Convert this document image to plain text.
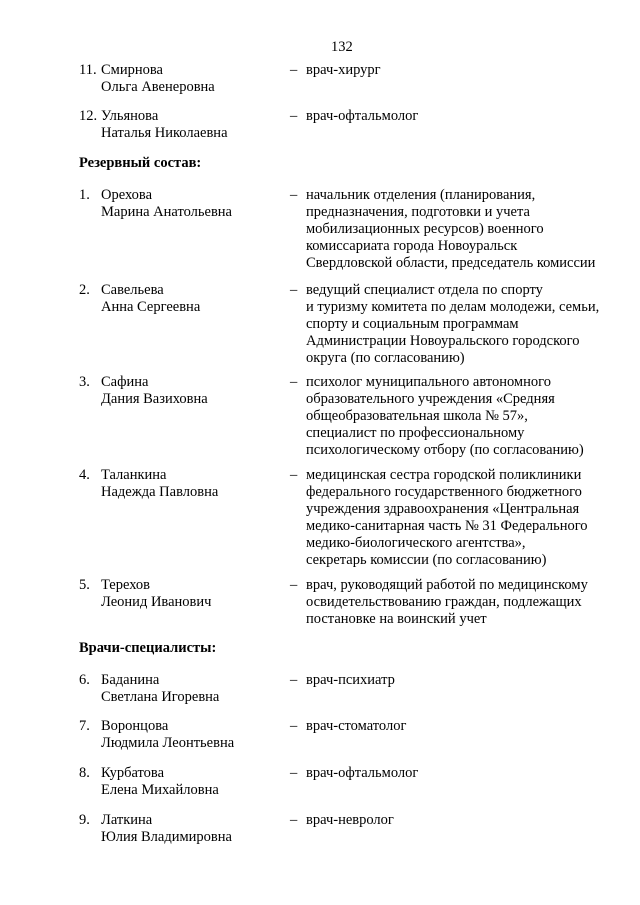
132
11. Смирнова
Ольга Авенеровна
– врач-хирург
12. Ульянова
Наталья Николаевна
– врач-офтальмолог
Резервный состав:
1. Орехова
Марина Анатольевна
– начальник отделения (планирования,
предназначения, подготовки и учета
мобилизационных ресурсов) военного
комиссариата города Новоуральск
Свердловской области, председатель комиссии
2. Савельева
Анна Сергеевна
– ведущий специалист отдела по спорту
и туризму комитета по делам молодежи, семьи,
спорту и социальным программам
Администрации Новоуральского городского
округа (по согласованию)
3. Сафина
Дания Вазиховна
– психолог муниципального автономного
образовательного учреждения «Средняя
общеобразовательная школа № 57»,
специалист по профессиональному
психологическому отбору (по согласованию)
4. Таланкина
Надежда Павловна
– медицинская сестра городской поликлиники
федерального государственного бюджетного
учреждения здравоохранения «Центральная
медико-санитарная часть № 31 Федерального
медико-биологического агентства»,
секретарь комиссии (по согласованию)
5. Терехов
Леонид Иванович
– врач, руководящий работой по медицинскому
освидетельствованию граждан, подлежащих
постановке на воинский учет
Врачи-специалисты:
6. Баданина
Светлана Игоревна
– врач-психиатр
7. Воронцова
Людмила Леонтьевна
– врач-стоматолог
8. Курбатова
Елена Михайловна
– врач-офтальмолог
9. Латкина
Юлия Владимировна
– врач-невролог
